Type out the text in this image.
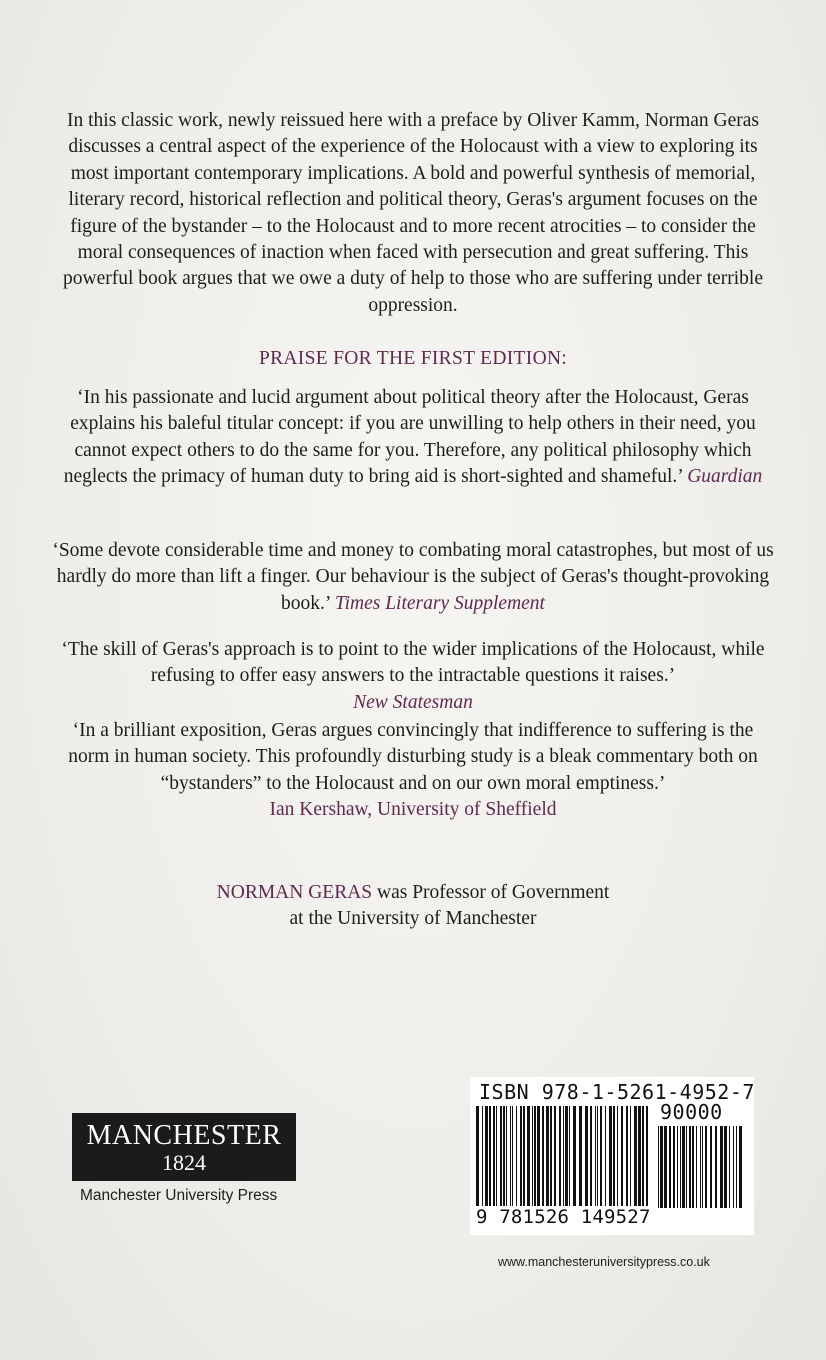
In this classic work, newly reissued here with a preface by Oliver Kamm, Norman Geras discusses a central aspect of the experience of the Holocaust with a view to exploring its most important contemporary implications. A bold and powerful synthesis of memorial, literary record, historical reflection and political theory, Geras's argument focuses on the figure of the bystander – to the Holocaust and to more recent atrocities – to consider the moral consequences of inaction when faced with persecution and great suffering. This powerful book argues that we owe a duty of help to those who are suffering under terrible oppression.

PRAISE FOR THE FIRST EDITION:

‘In his passionate and lucid argument about political theory after the Holocaust, Geras explains his baleful titular concept: if you are unwilling to help others in their need, you cannot expect others to do the same for you. Therefore, any political philosophy which neglects the primacy of human duty to bring aid is short-sighted and shameful.’ Guardian

‘Some devote considerable time and money to combating moral catastrophes, but most of us hardly do more than lift a finger. Our behaviour is the subject of Geras's thought-provoking book.’ Times Literary Supplement

‘The skill of Geras's approach is to point to the wider implications of the Holocaust, while refusing to offer easy answers to the intractable questions it raises.’
New Statesman

‘In a brilliant exposition, Geras argues convincingly that indifference to suffering is the norm in human society. This profoundly disturbing study is a bleak commentary both on “bystanders” to the Holocaust and on our own moral emptiness.’
Ian Kershaw, University of Sheffield

NORMAN GERAS was Professor of Government
at the University of Manchester

MANCHESTER
1824
Manchester University Press
ISBN 978-1-5261-4952-7
90000
9 781526 149527
www.manchesteruniversitypress.co.uk
